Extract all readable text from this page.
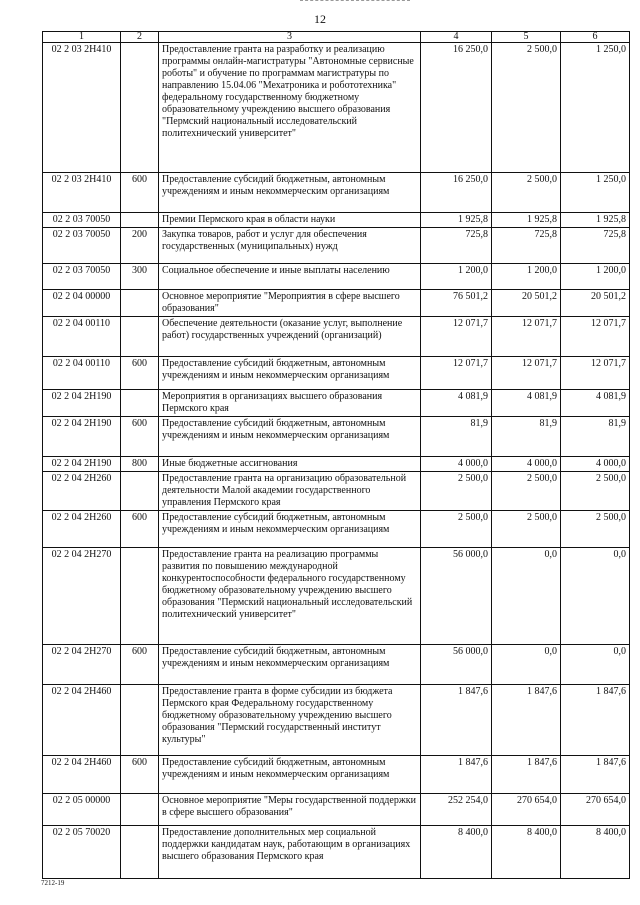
12
1	2	3	4	5	6
02 2 03 2Н410		Предоставление гранта на разработку и реализацию программы онлайн-магистратуры "Автономные сервисные роботы" и обучение по программам магистратуры по направлению 15.04.06 "Мехатроника и робототехника" федеральному государственному бюджетному образовательному учреждению высшего образования "Пермский национальный исследовательский политехнический университет"	16 250,0	2 500,0	1 250,0
02 2 03 2Н410	600	Предоставление субсидий бюджетным, автономным учреждениям и иным некоммерческим организациям	16 250,0	2 500,0	1 250,0
02 2 03 70050		Премии Пермского края в области науки	1 925,8	1 925,8	1 925,8
02 2 03 70050	200	Закупка товаров, работ и услуг для обеспечения государственных (муниципальных) нужд	725,8	725,8	725,8
02 2 03 70050	300	Социальное обеспечение и иные выплаты населению	1 200,0	1 200,0	1 200,0
02 2 04 00000		Основное мероприятие "Мероприятия в сфере высшего образования"	76 501,2	20 501,2	20 501,2
02 2 04 00110		Обеспечение деятельности (оказание услуг, выполнение работ) государственных учреждений (организаций)	12 071,7	12 071,7	12 071,7
02 2 04 00110	600	Предоставление субсидий бюджетным, автономным учреждениям и иным некоммерческим организациям	12 071,7	12 071,7	12 071,7
02 2 04 2Н190		Мероприятия в организациях высшего образования Пермского края	4 081,9	4 081,9	4 081,9
02 2 04 2Н190	600	Предоставление субсидий бюджетным, автономным учреждениям и иным некоммерческим организациям	81,9	81,9	81,9
02 2 04 2Н190	800	Иные бюджетные ассигнования	4 000,0	4 000,0	4 000,0
02 2 04 2Н260		Предоставление гранта на организацию образовательной деятельности Малой академии государственного управления Пермского края	2 500,0	2 500,0	2 500,0
02 2 04 2Н260	600	Предоставление субсидий бюджетным, автономным учреждениям и иным некоммерческим организациям	2 500,0	2 500,0	2 500,0
02 2 04 2Н270		Предоставление гранта на реализацию программы развития по повышению международной конкурентоспособности федерального государственному бюджетному образовательному учреждению высшего образования "Пермский национальный исследовательский политехнический университет"	56 000,0	0,0	0,0
02 2 04 2Н270	600	Предоставление субсидий бюджетным, автономным учреждениям и иным некоммерческим организациям	56 000,0	0,0	0,0
02 2 04 2Н460		Предоставление гранта в форме субсидии из бюджета Пермского края Федеральному государственному бюджетному образовательному учреждению высшего образования "Пермский государственный институт культуры"	1 847,6	1 847,6	1 847,6
02 2 04 2Н460	600	Предоставление субсидий бюджетным, автономным учреждениям и иным некоммерческим организациям	1 847,6	1 847,6	1 847,6
02 2 05 00000		Основное мероприятие "Меры государственной поддержки в сфере высшего образования"	252 254,0	270 654,0	270 654,0
02 2 05 70020		Предоставление дополнительных мер социальной поддержки кандидатам наук, работающим в организациях высшего образования Пермского края	8 400,0	8 400,0	8 400,0
7212-19
